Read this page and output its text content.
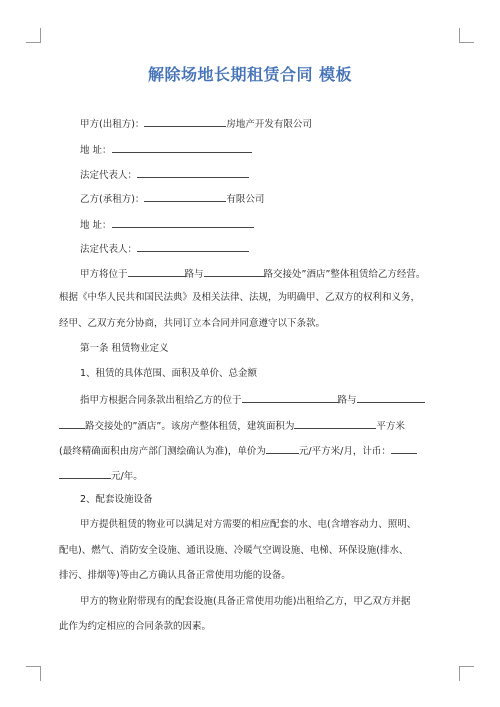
解除场地长期租赁合同 模板
甲方(出租方)：	房地产开发有限公司
地 址：
法定代表人：
乙方(承租方)：	有限公司
地 址：
法定代表人：
甲方将位于	路与	路交接处”酒店”整体租赁给乙方经营。
根据《中华人民共和国民法典》及相关法律、法规，为明确甲、乙双方的权利和义务，
经甲、乙双方充分协商，共同订立本合同并同意遵守以下条款。
第一条 租赁物业定义
1、租赁的具体范围、面积及单价、总金额
指甲方根据合同条款出租给乙方的位于	路与
路交接处的”酒店”。该房产整体租赁，建筑面积为	平方米
(最终精确面积由房产部门测绘确认为准)，单价为	元/平方米/月，计币：
元/年。
2、配套设施设备
甲方提供租赁的物业可以满足对方需要的相应配套的水、电(含增容动力、照明、
配电)、燃气、消防安全设施、通讯设施、冷暖气空调设施、电梯、环保设施(排水、
排污、排烟等)等由乙方确认具备正常使用功能的设备。
甲方的物业附带现有的配套设施(具备正常使用功能)出租给乙方，甲乙双方并据
此作为约定相应的合同条款的因素。
